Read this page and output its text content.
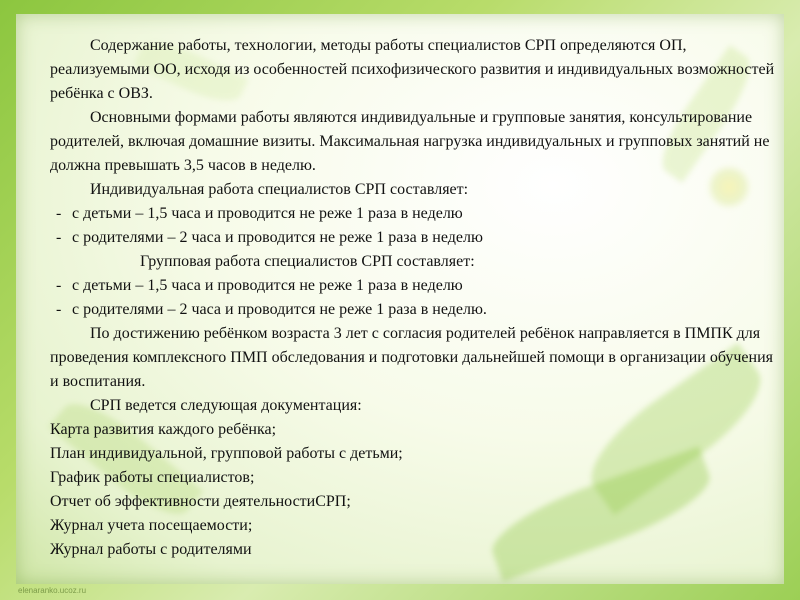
Содержание работы, технологии, методы работы специалистов СРП определяются ОП, реализуемыми ОО, исходя из особенностей психофизического развития и индивидуальных возможностей ребёнка с ОВЗ.

Основными формами работы являются индивидуальные и групповые занятия, консультирование родителей, включая домашние визиты. Максимальная нагрузка индивидуальных и групповых занятий не должна превышать 3,5 часов в неделю.

Индивидуальная работа специалистов СРП составляет:

- с детьми – 1,5 часа и проводится не реже 1 раза в неделю

- с родителями – 2 часа и проводится не реже 1 раза в неделю

Групповая работа специалистов СРП составляет:

- с детьми – 1,5 часа и проводится не реже 1 раза в неделю

- с родителями – 2 часа и проводится не реже 1 раза в неделю.

По достижению ребёнком возраста 3 лет с согласия родителей ребёнок направляется в ПМПК для проведения комплексного ПМП обследования и подготовки дальнейшей помощи в организации обучения и воспитания.

СРП ведется следующая документация:

Карта развития каждого ребёнка;

План индивидуальной, групповой работы с детьми;

График работы специалистов;

Отчет об эффективности деятельностиСРП;

Журнал учета посещаемости;

Журнал работы с родителями

elenaranko.ucoz.ru
